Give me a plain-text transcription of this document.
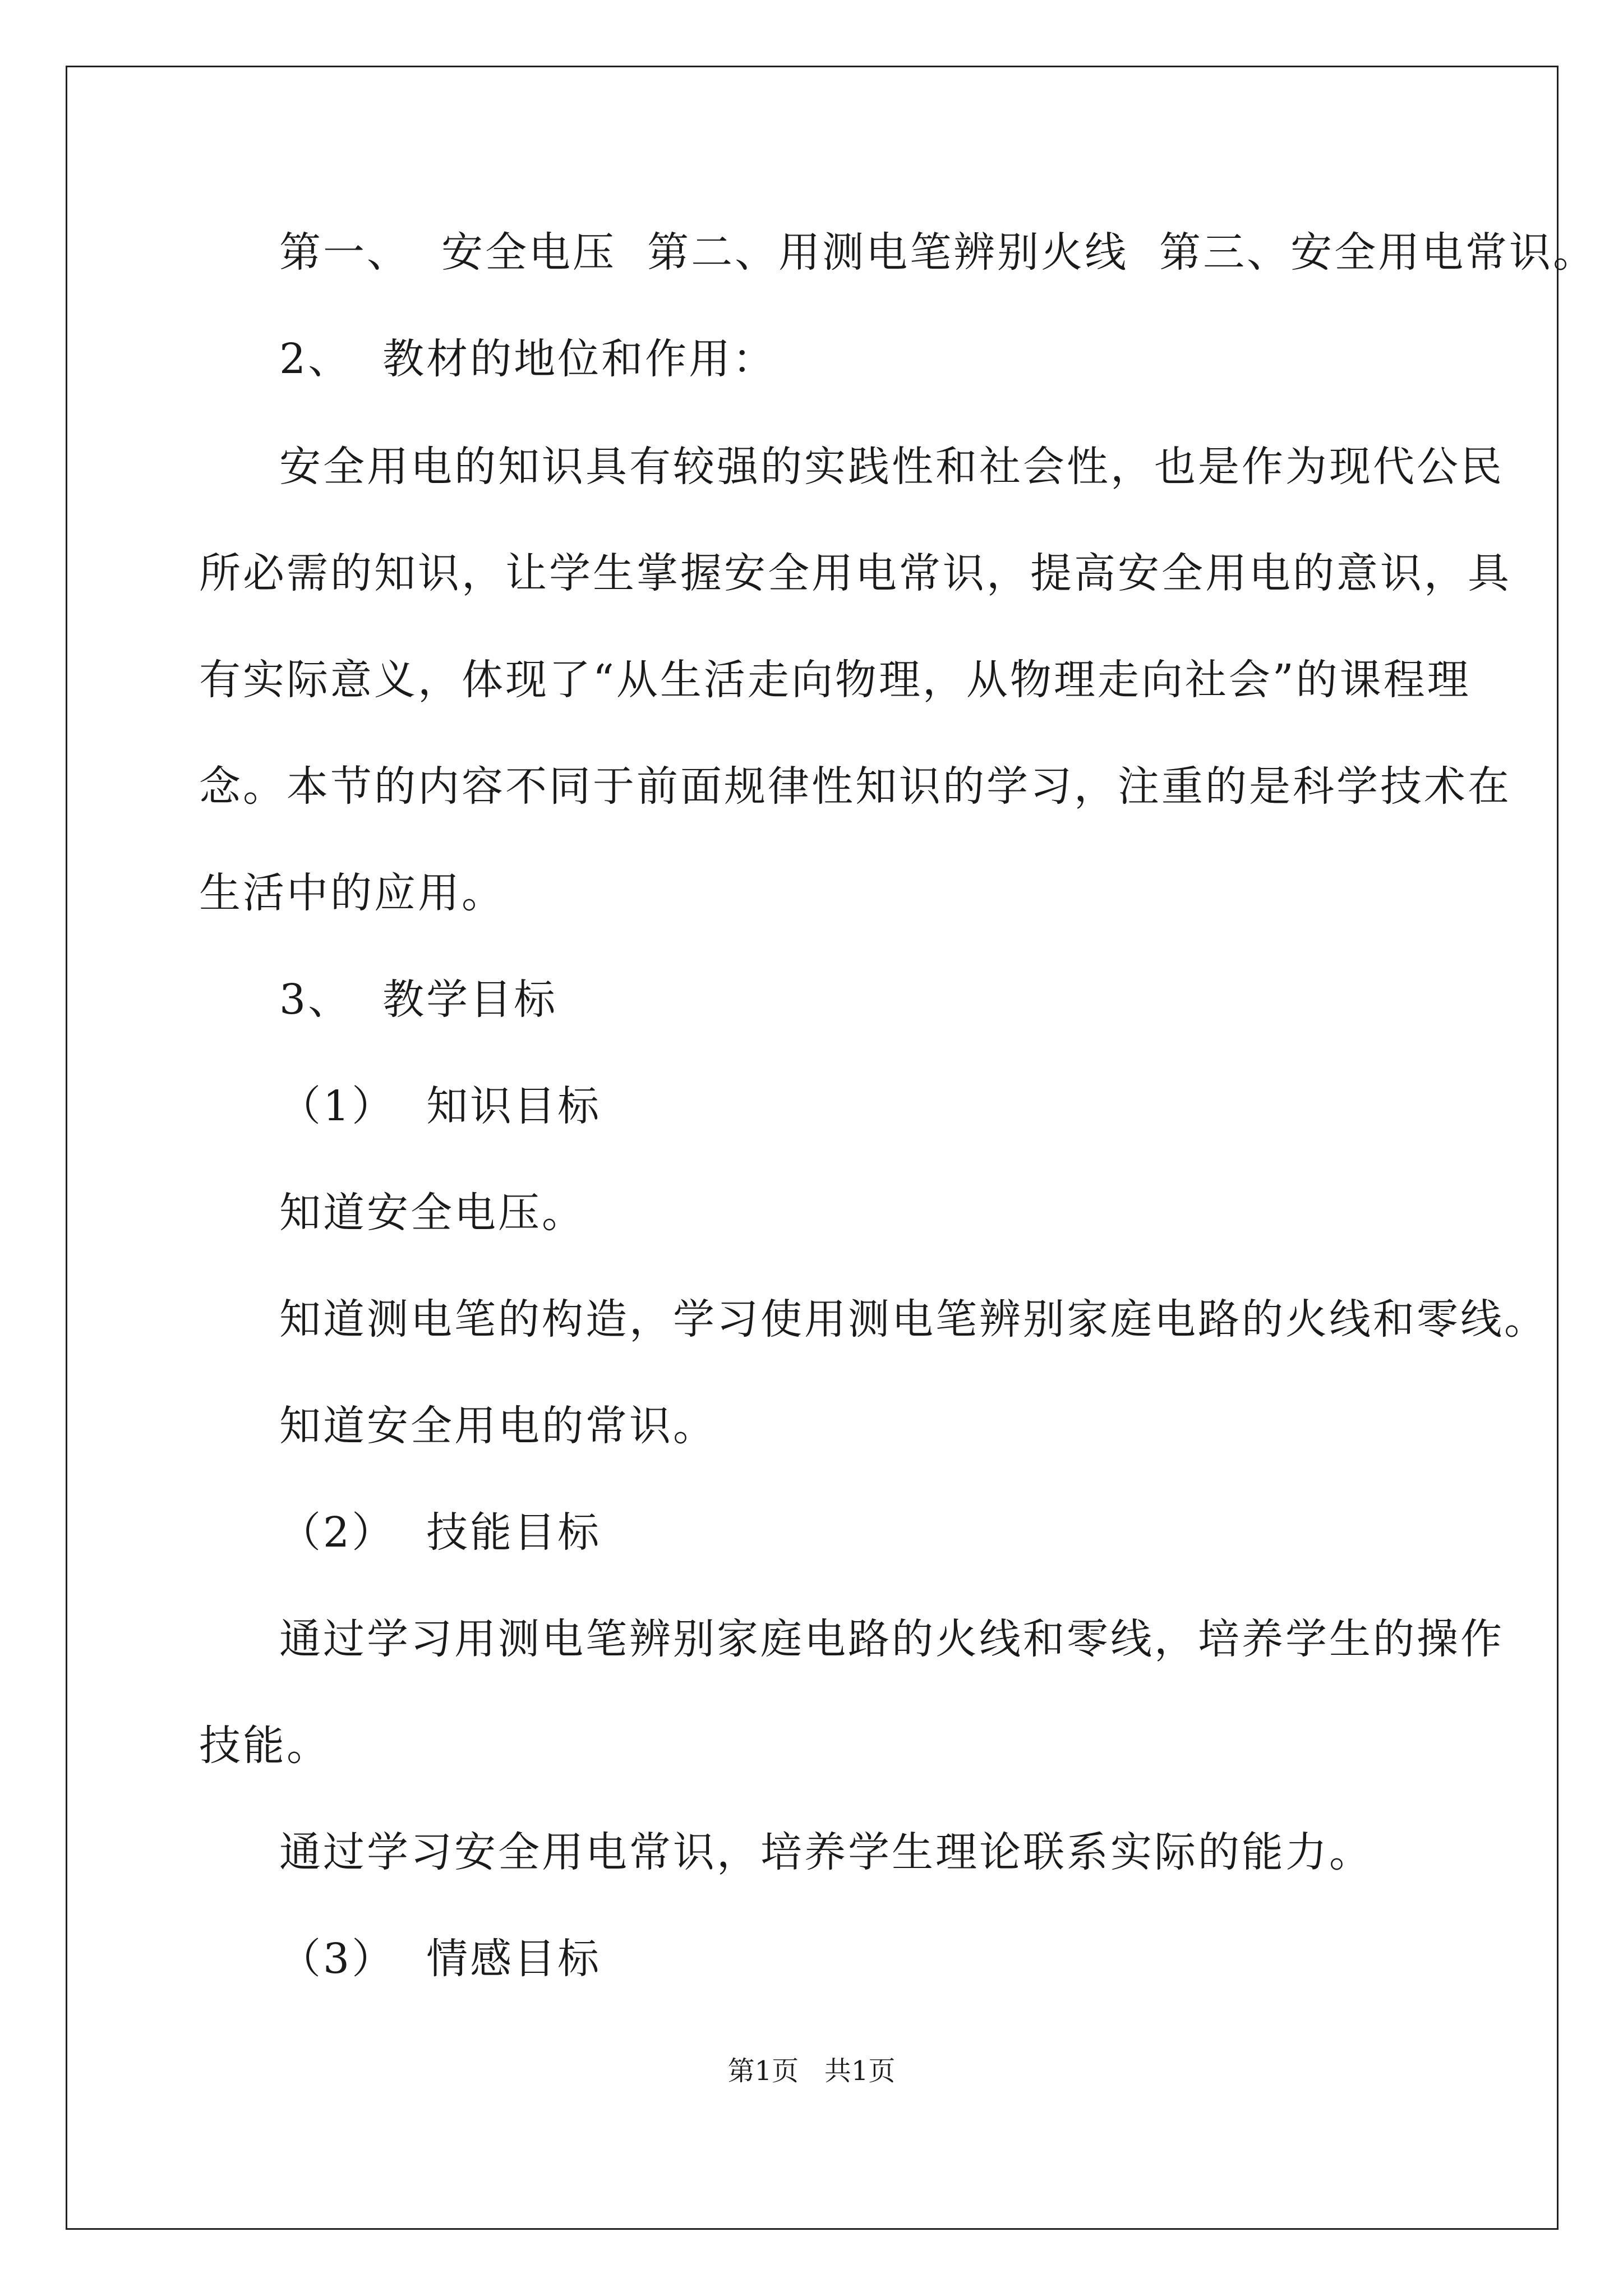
第一、  安全电压  第二、用测电笔辨别火线  第三、安全用电常识。
2、  教材的地位和作用：
安全用电的知识具有较强的实践性和社会性，也是作为现代公民
所必需的知识，让学生掌握安全用电常识，提高安全用电的意识，具
有实际意义，体现了“从生活走向物理，从物理走向社会”的课程理
念。本节的内容不同于前面规律性知识的学习，注重的是科学技术在
生活中的应用。
3、  教学目标
（1）  知识目标
知道安全电压。
知道测电笔的构造，学习使用测电笔辨别家庭电路的火线和零线。
知道安全用电的常识。
（2）  技能目标
通过学习用测电笔辨别家庭电路的火线和零线，培养学生的操作
技能。
通过学习安全用电常识，培养学生理论联系实际的能力。
（3）  情感目标
第1页   共1页
